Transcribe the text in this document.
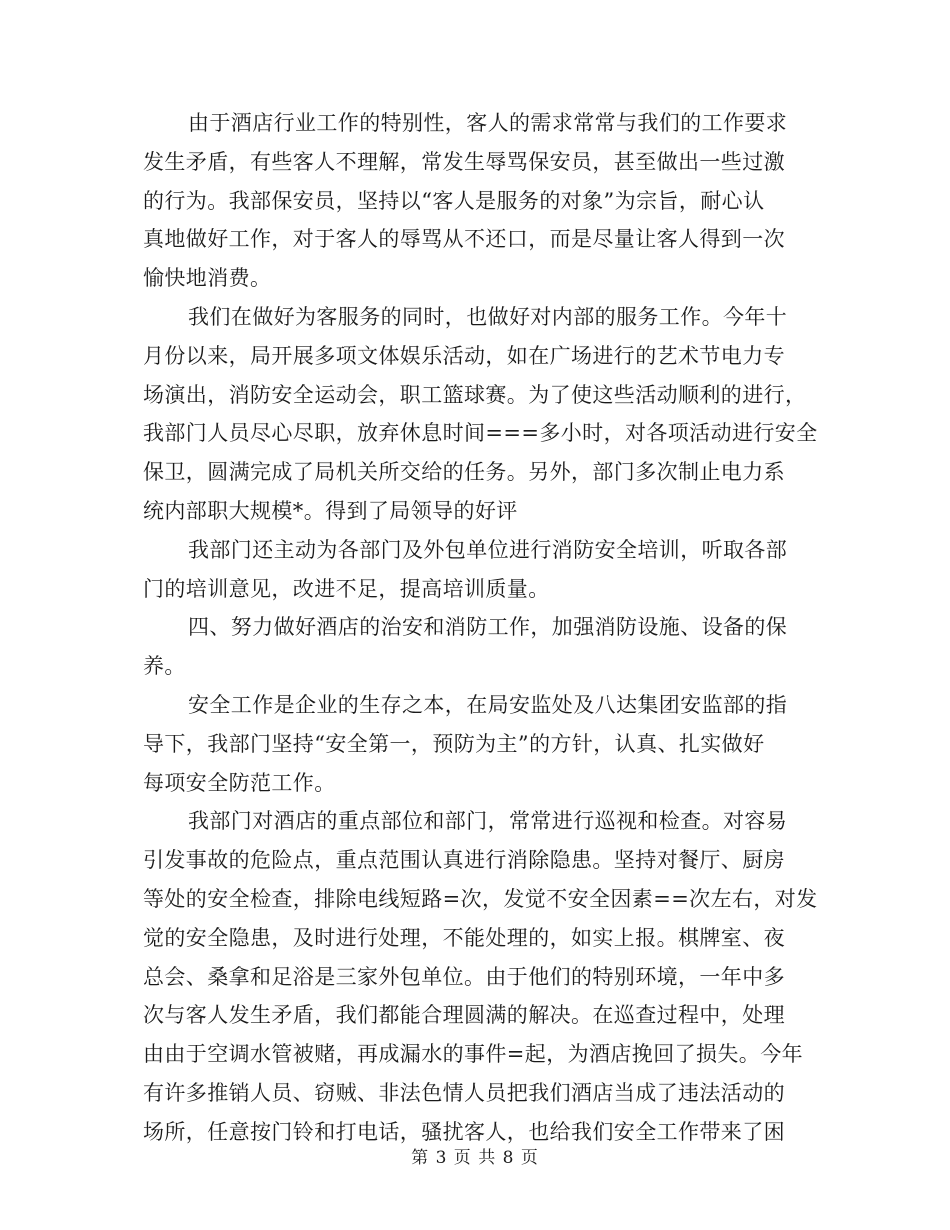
由于酒店行业工作的特别性，客人的需求常常与我们的工作要求
发生矛盾，有些客人不理解，常发生辱骂保安员，甚至做出一些过激
的行为。我部保安员，坚持以“客人是服务的对象”为宗旨，耐心认
真地做好工作，对于客人的辱骂从不还口，而是尽量让客人得到一次
愉快地消费。
我们在做好为客服务的同时，也做好对内部的服务工作。今年十
月份以来，局开展多项文体娱乐活动，如在广场进行的艺术节电力专
场演出，消防安全运动会，职工篮球赛。为了使这些活动顺利的进行，
我部门人员尽心尽职，放弃休息时间===多小时，对各项活动进行安全
保卫，圆满完成了局机关所交给的任务。另外，部门多次制止电力系
统内部职大规模*。得到了局领导的好评
我部门还主动为各部门及外包单位进行消防安全培训，听取各部
门的培训意见，改进不足，提高培训质量。
四、努力做好酒店的治安和消防工作，加强消防设施、设备的保
养。
安全工作是企业的生存之本，在局安监处及八达集团安监部的指
导下，我部门坚持“安全第一，预防为主”的方针，认真、扎实做好
每项安全防范工作。
我部门对酒店的重点部位和部门，常常进行巡视和检查。对容易
引发事故的危险点，重点范围认真进行消除隐患。坚持对餐厅、厨房
等处的安全检查，排除电线短路=次，发觉不安全因素==次左右，对发
觉的安全隐患，及时进行处理，不能处理的，如实上报。棋牌室、夜
总会、桑拿和足浴是三家外包单位。由于他们的特别环境，一年中多
次与客人发生矛盾，我们都能合理圆满的解决。在巡查过程中，处理
由由于空调水管被赌，再成漏水的事件=起，为酒店挽回了损失。今年
有许多推销人员、窃贼、非法色情人员把我们酒店当成了违法活动的
场所，任意按门铃和打电话，骚扰客人，也给我们安全工作带来了困
第 3 页 共 8 页
